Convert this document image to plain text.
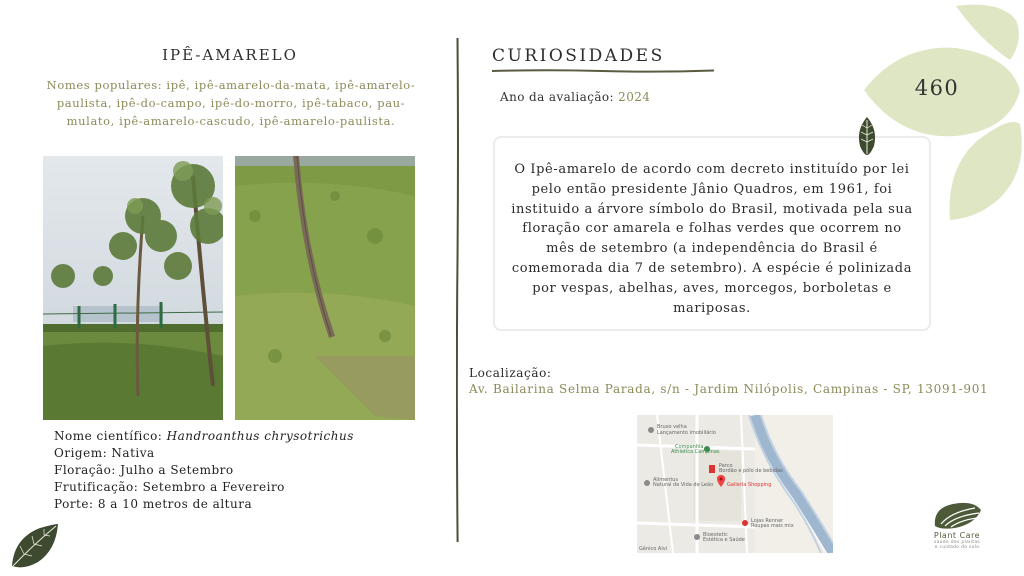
IPÊ-AMARELO
Nomes populares: ipê, ipê-amarelo-da-mata, ipê-amarelo-paulista, ipê-do-campo, ipê-do-morro, ipê-tabaco, pau-mulato, ipê-amarelo-cascudo, ipê-amarelo-paulista.
Nome científico: Handroanthus chrysotrichus
Origem: Nativa
Floração: Julho a Setembro
Frutificação: Setembro a Fevereiro
Porte: 8 a 10 metros de altura
CURIOSIDADES
Ano da avaliação: 2024
O Ipê-amarelo de acordo com decreto instituído por lei pelo então presidente Jânio Quadros, em 1961, foi instituido a árvore símbolo do Brasil, motivada pela sua floração cor amarela e folhas verdes que ocorrem no mês de setembro (a independência do Brasil é comemorada dia 7 de setembro). A espécie é polinizada por vespas, abelhas, aves, morcegos, borboletas e mariposas.
460
Localização:
Av. Bailarina Selma Parada, s/n - Jardim Nilópolis, Campinas - SP, 13091-901
Bruxo velha
Lançamento imobiliário
Companhia
Athletica Campinas
Parco
Bordão e pólo de bebidas
Galleria Shopping
Alimentus
Natural de Vida de Leão
Lojas Renner
Roupas mais mix
Bioestetic
Estética e Saúde
Gênico Alvi
Plant Care
saúde das plantas
e cuidado do solo
